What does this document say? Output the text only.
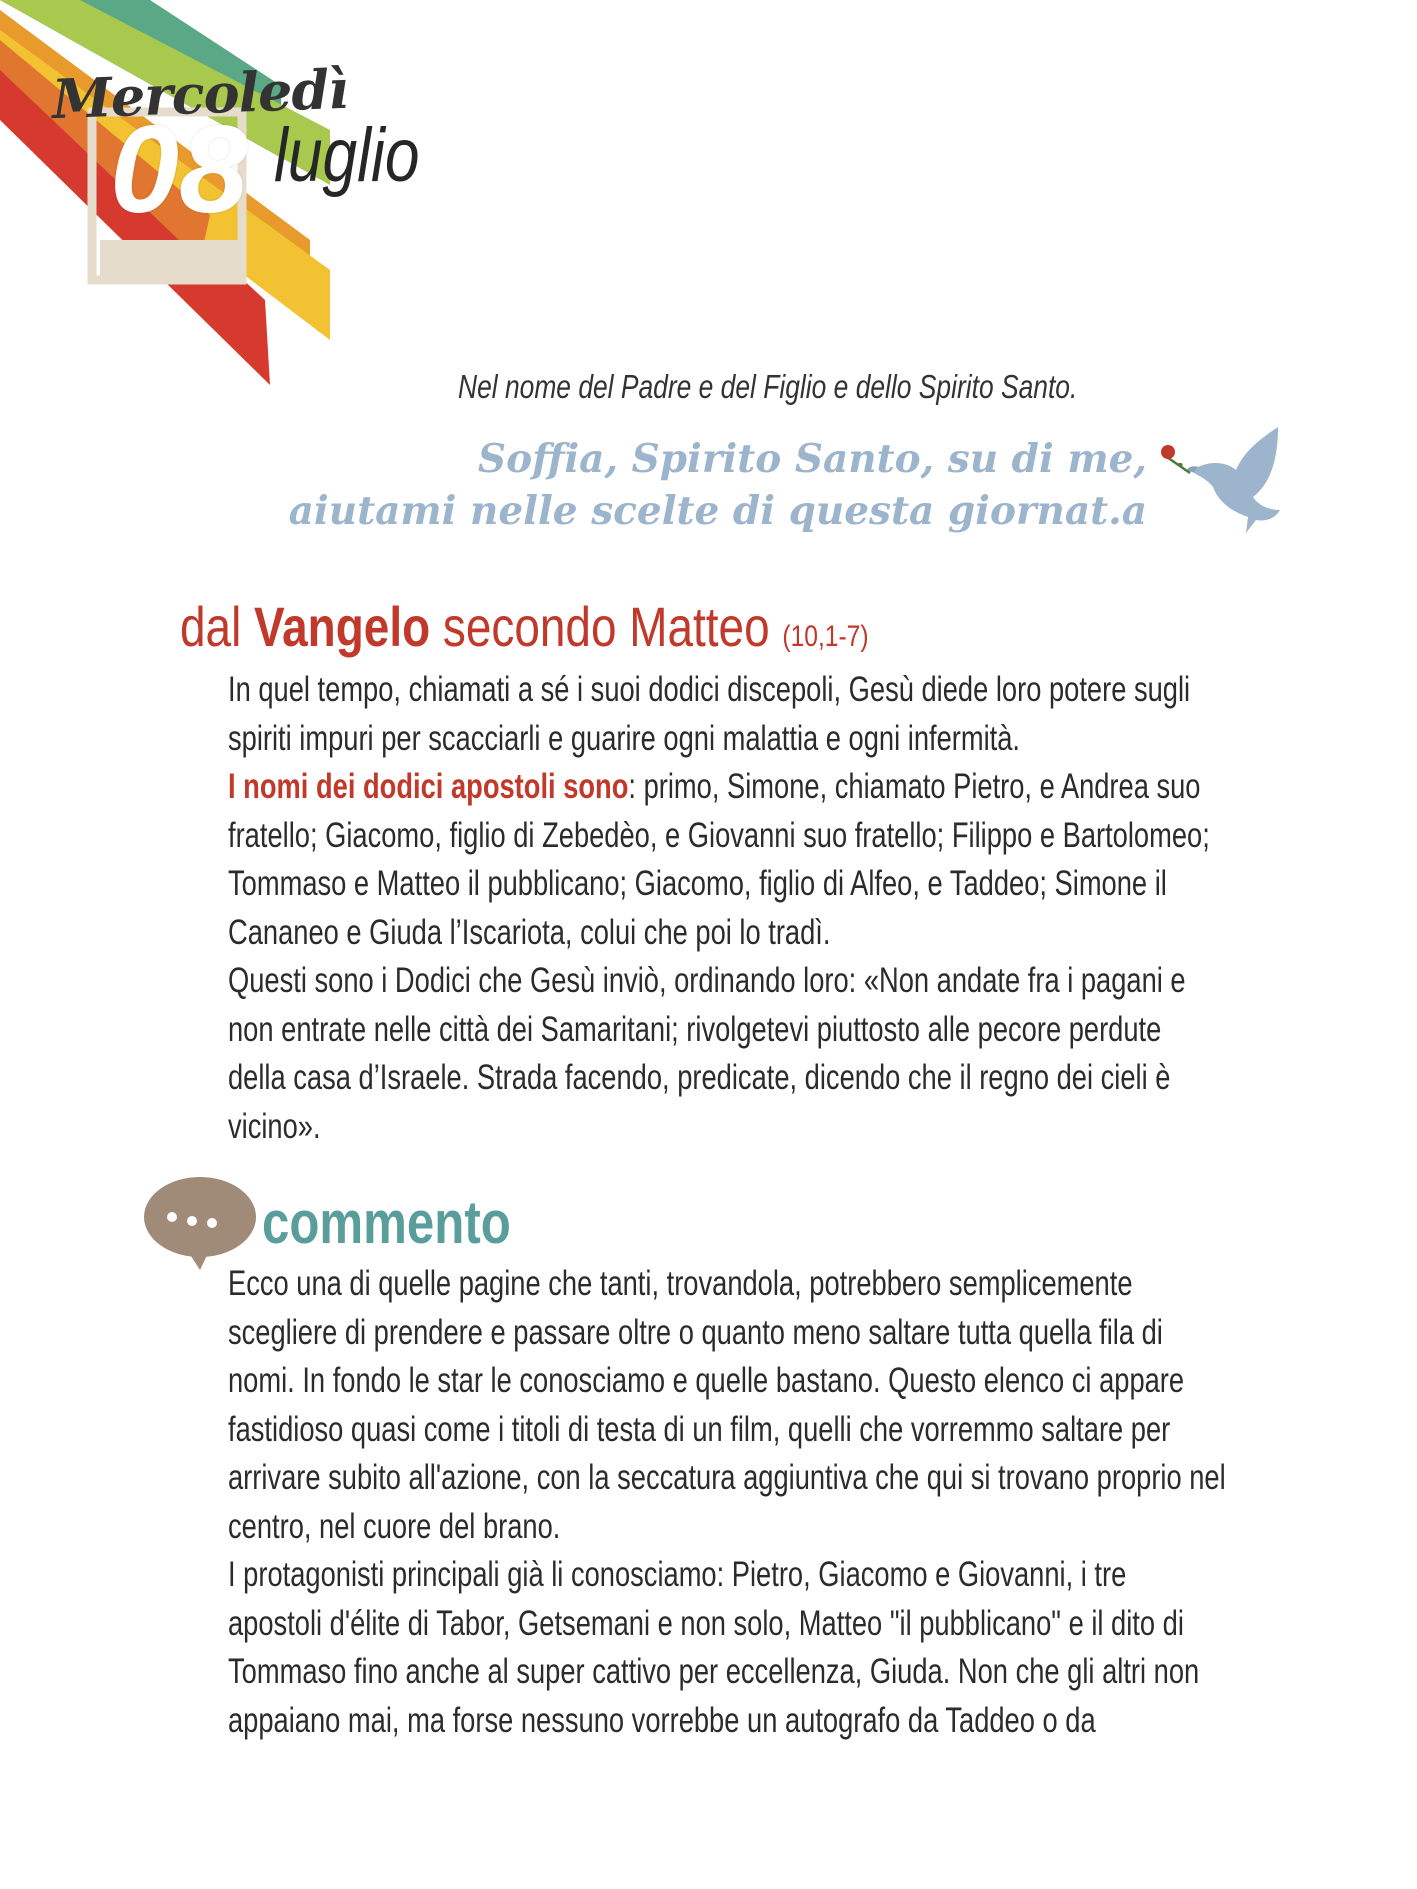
Mercoledì
08 luglio
Nel nome del Padre e del Figlio e dello Spirito Santo.
Soffia, Spirito Santo, su di me,
aiutami nelle scelte di questa giornat.a
dal Vangelo secondo Matteo (10,1-7)

In quel tempo, chiamati a sé i suoi dodici discepoli, Gesù diede loro potere sugli spiriti impuri per scacciarli e guarire ogni malattia e ogni infermità.

I nomi dei dodici apostoli sono: primo, Simone, chiamato Pietro, e Andrea suo fratello; Giacomo, figlio di Zebedèo, e Giovanni suo fratello; Filippo e Bartolomeo; Tommaso e Matteo il pubblicano; Giacomo, figlio di Alfeo, e Taddeo; Simone il Cananeo e Giuda l’Iscariota, colui che poi lo tradì.

Questi sono i Dodici che Gesù inviò, ordinando loro: «Non andate fra i pagani e non entrate nelle città dei Samaritani; rivolgetevi piuttosto alle pecore perdute della casa d’Israele. Strada facendo, predicate, dicendo che il regno dei cieli è vicino».

commento

Ecco una di quelle pagine che tanti, trovandola, potrebbero semplicemente scegliere di prendere e passare oltre o quanto meno saltare tutta quella fila di nomi. In fondo le star le conosciamo e quelle bastano. Questo elenco ci appare fastidioso quasi come i titoli di testa di un film, quelli che vorremmo saltare per arrivare subito all'azione, con la seccatura aggiuntiva che qui si trovano proprio nel centro, nel cuore del brano.

I protagonisti principali già li conosciamo: Pietro, Giacomo e Giovanni, i tre apostoli d'élite di Tabor, Getsemani e non solo, Matteo "il pubblicano" e il dito di Tommaso fino anche al super cattivo per eccellenza, Giuda. Non che gli altri non appaiano mai, ma forse nessuno vorrebbe un autografo da Taddeo o da
